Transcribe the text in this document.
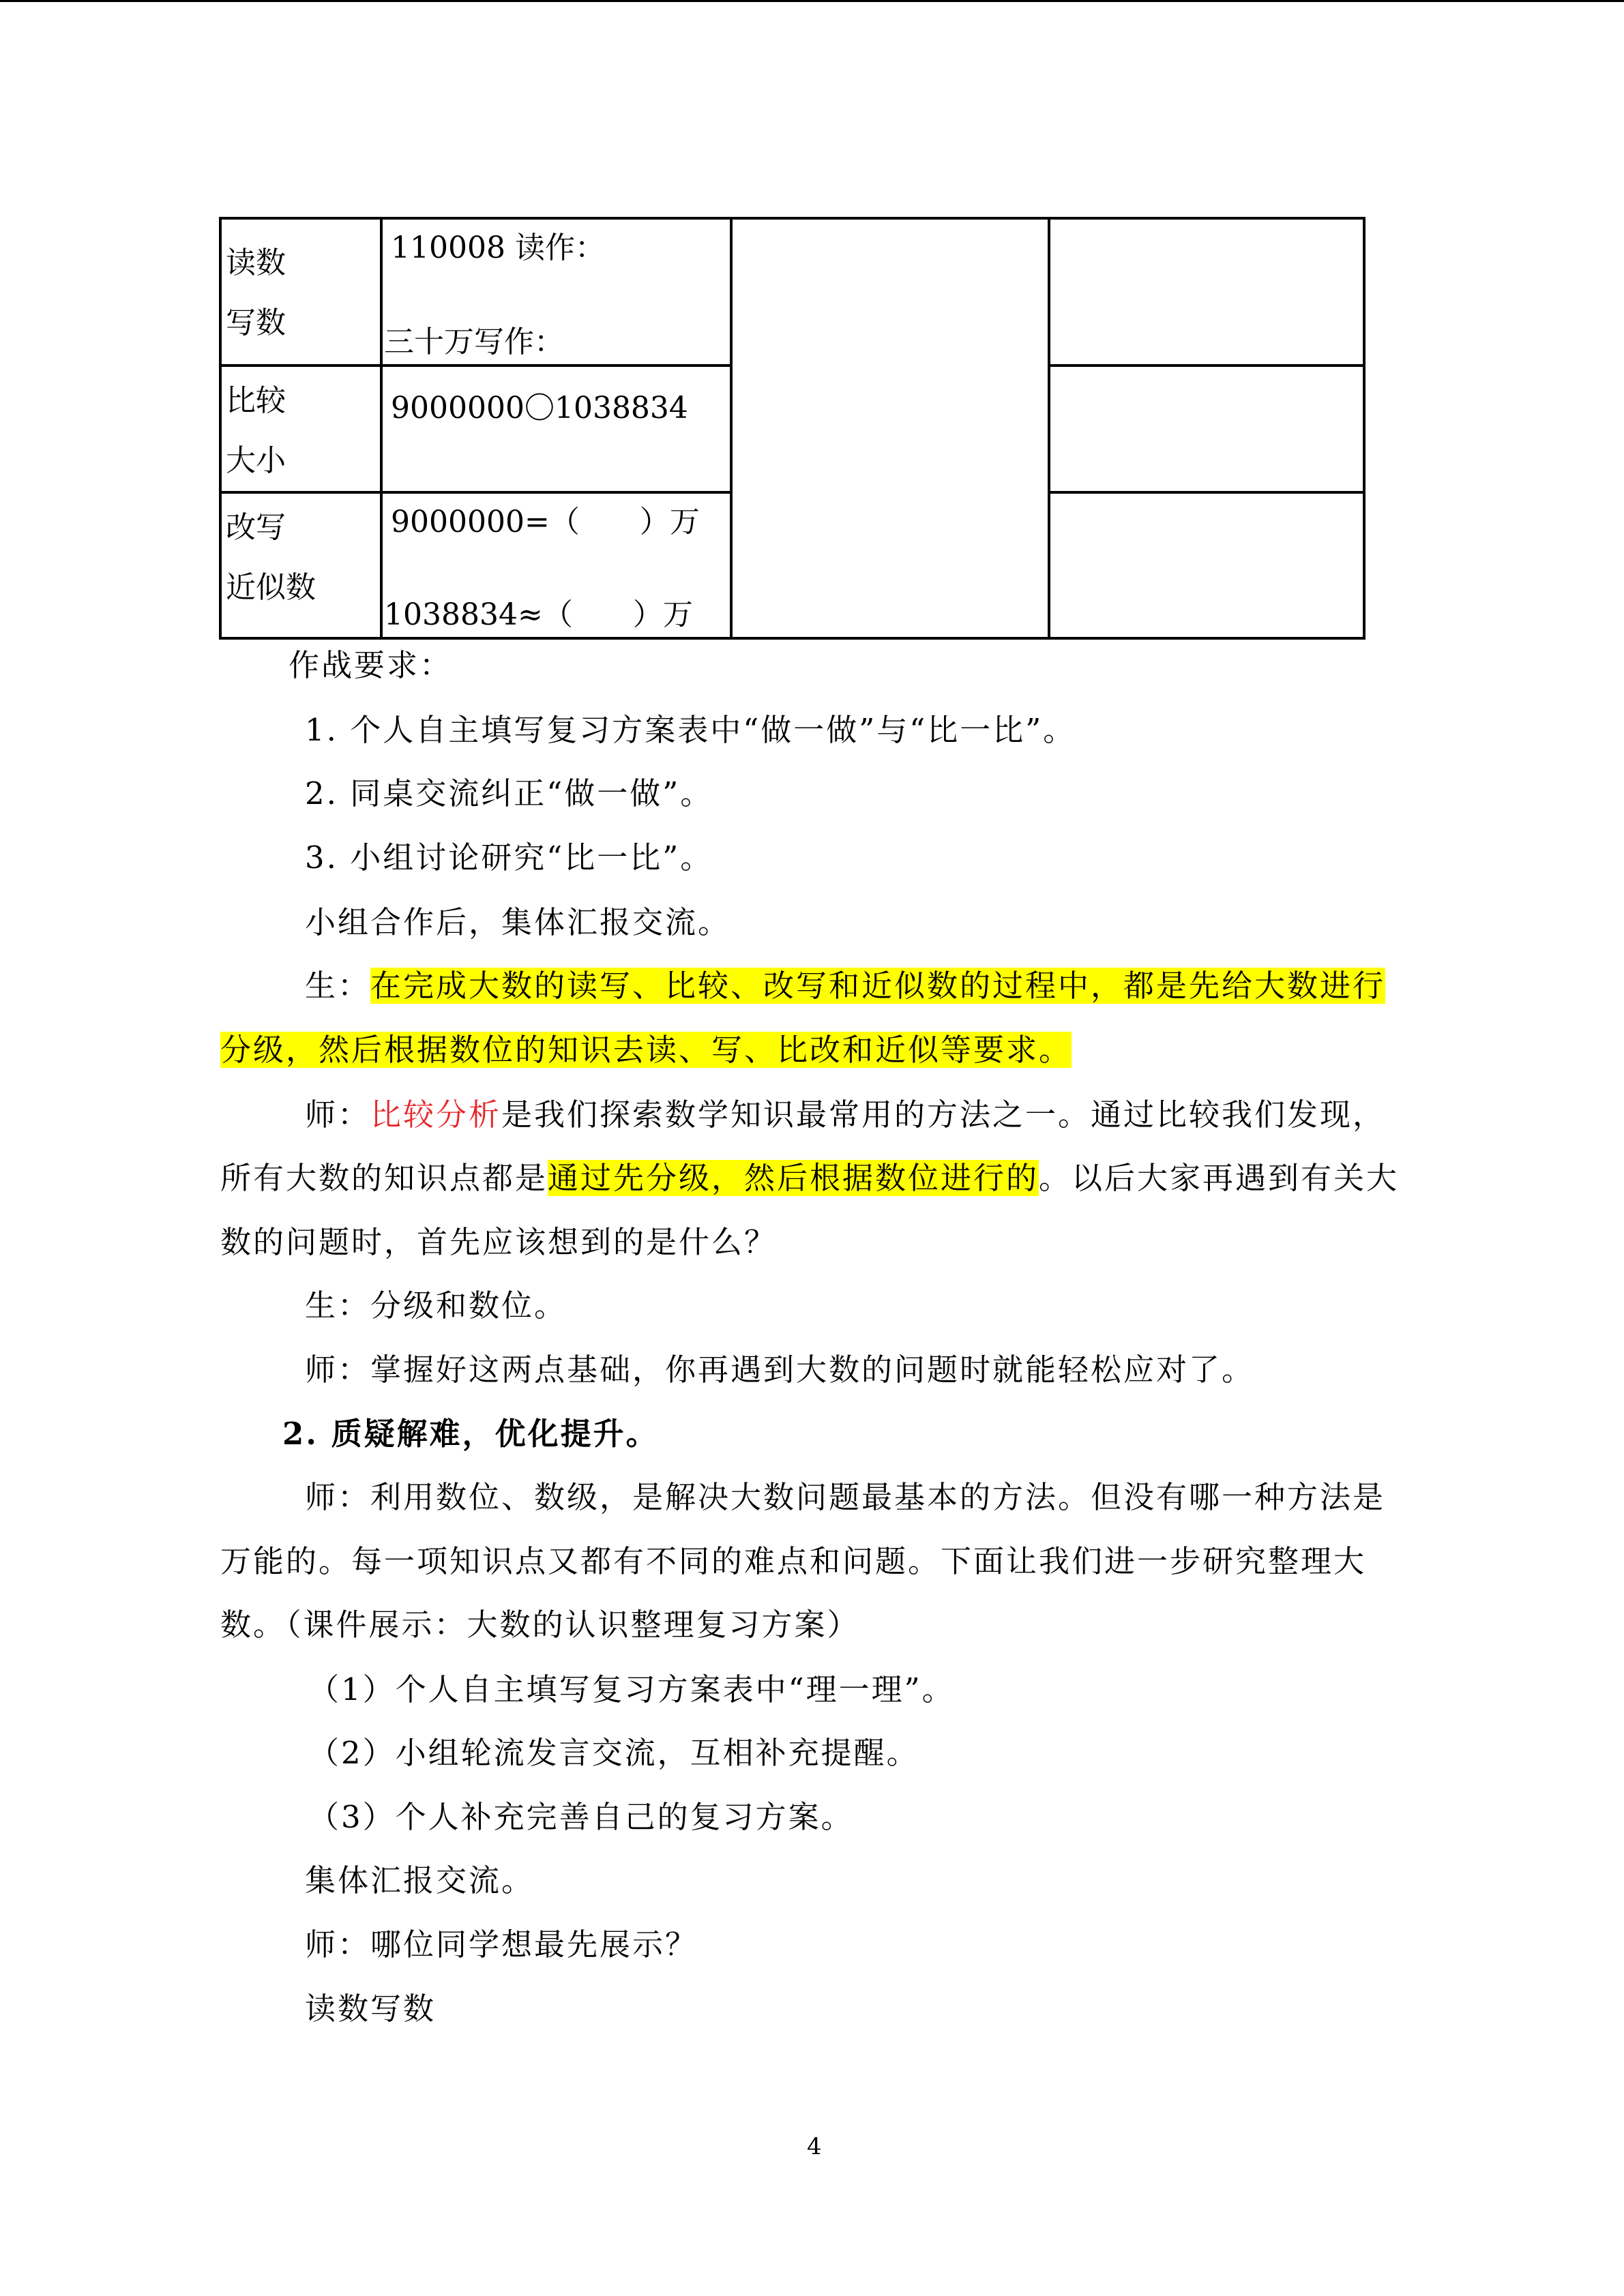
读数
写数	110008 读作：
三十万写作：		

比较
大小	9000000〇1038834		

改写
近似数	9000000=（　　）万
1038834≈（　　）万		

作战要求：
1. 个人自主填写复习方案表中“做一做”与“比一比”。
2. 同桌交流纠正“做一做”。
3. 小组讨论研究“比一比”。
小组合作后，集体汇报交流。
生：在完成大数的读写、比较、改写和近似数的过程中，都是先给大数进行
分级，然后根据数位的知识去读、写、比改和近似等要求。
师：比较分析是我们探索数学知识最常用的方法之一。通过比较我们发现，
所有大数的知识点都是通过先分级，然后根据数位进行的。以后大家再遇到有关大
数的问题时，首先应该想到的是什么？
生：分级和数位。
师：掌握好这两点基础，你再遇到大数的问题时就能轻松应对了。
2. 质疑解难，优化提升。
师：利用数位、数级，是解决大数问题最基本的方法。但没有哪一种方法是
万能的。每一项知识点又都有不同的难点和问题。下面让我们进一步研究整理大
数。（课件展示：大数的认识整理复习方案）
（1）个人自主填写复习方案表中“理一理”。
（2）小组轮流发言交流，互相补充提醒。
（3）个人补充完善自己的复习方案。
集体汇报交流。
师：哪位同学想最先展示？
读数写数
4
